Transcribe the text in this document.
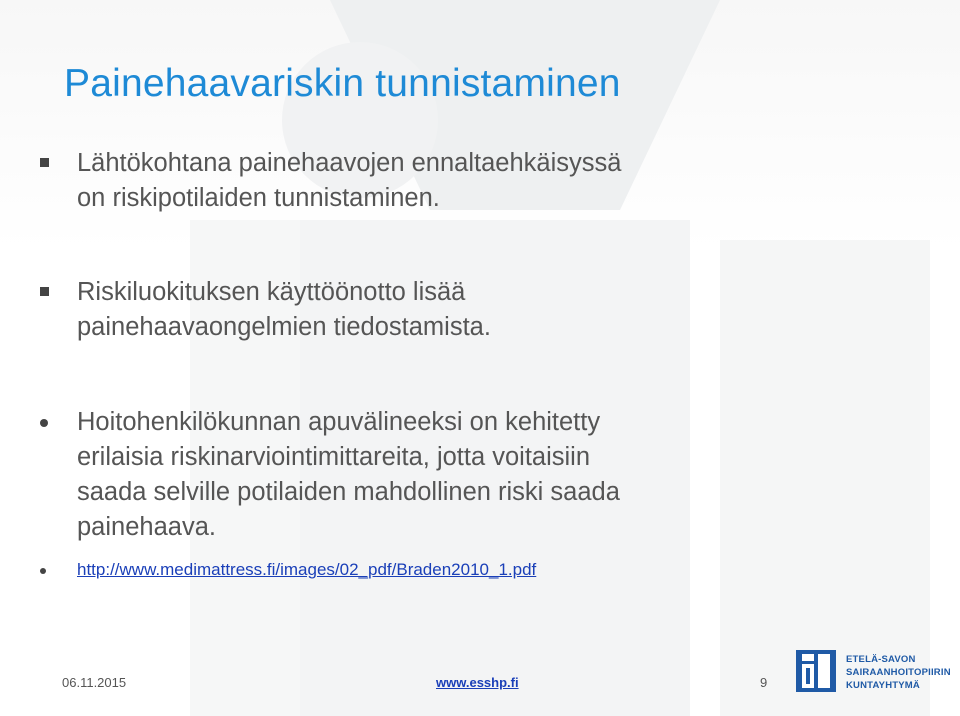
Painehaavariskin tunnistaminen
Lähtökohtana painehaavojen ennaltaehkäisyssä
on riskipotilaiden tunnistaminen.
Riskiluokituksen käyttöönotto lisää
painehaavaongelmien tiedostamista.
Hoitohenkilökunnan apuvälineeksi on kehitetty
erilaisia riskinarviointimittareita, jotta voitaisiin
saada selville potilaiden mahdollinen riski saada
painehaava.
http://www.medimattress.fi/images/02_pdf/Braden2010_1.pdf
06.11.2015	www.esshp.fi	9
ETELÄ-SAVON
SAIRAANHOITOPIIRIN
KUNTAYHTYMÄ
